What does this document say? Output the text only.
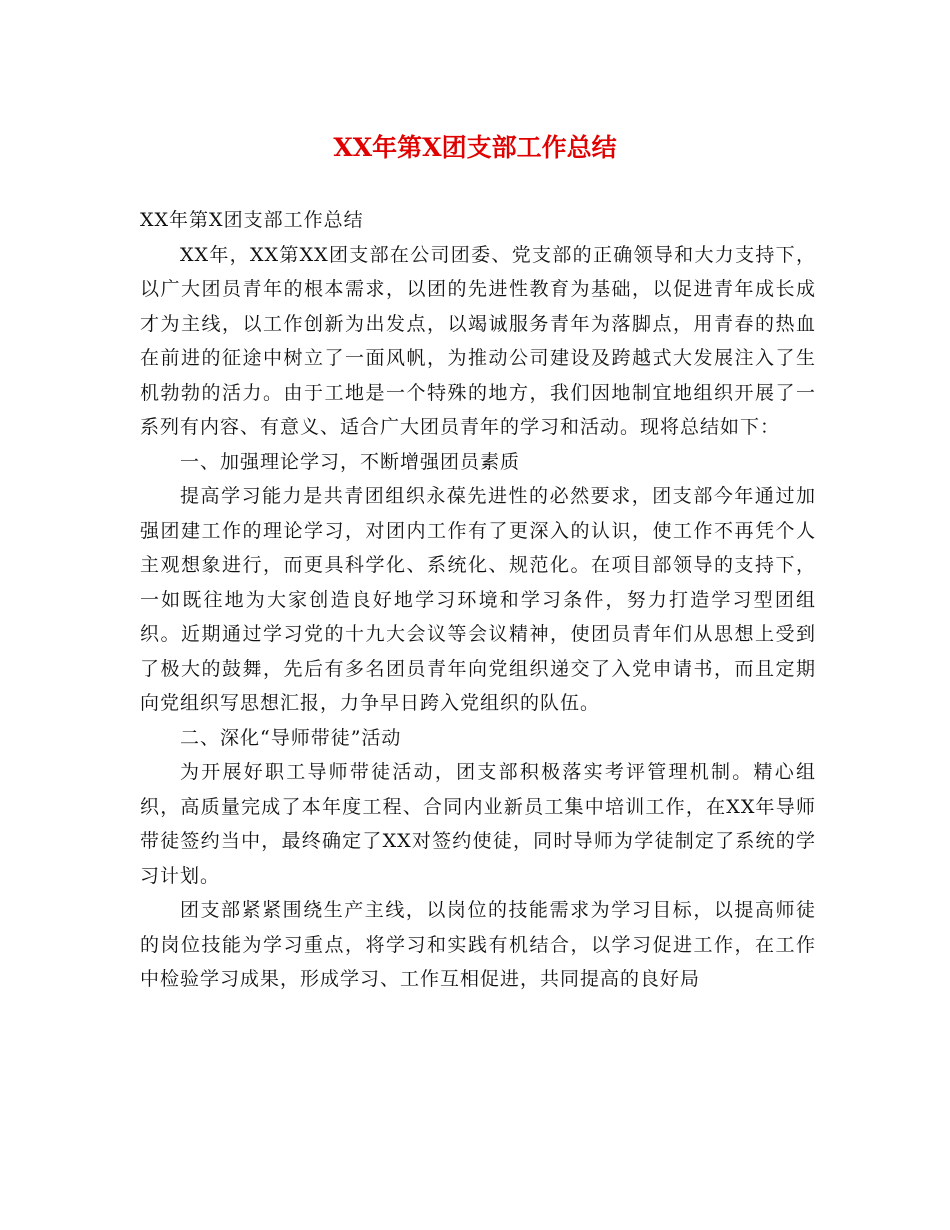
XX年第X团支部工作总结

XX年第X团支部工作总结

XX年，XX第XX团支部在公司团委、党支部的正确领导和大力支持下，以广大团员青年的根本需求，以团的先进性教育为基础，以促进青年成长成才为主线，以工作创新为出发点，以竭诚服务青年为落脚点，用青春的热血在前进的征途中树立了一面风帆，为推动公司建设及跨越式大发展注入了生机勃勃的活力。由于工地是一个特殊的地方，我们因地制宜地组织开展了一系列有内容、有意义、适合广大团员青年的学习和活动。现将总结如下：

一、加强理论学习，不断增强团员素质

提高学习能力是共青团组织永葆先进性的必然要求，团支部今年通过加强团建工作的理论学习，对团内工作有了更深入的认识，使工作不再凭个人主观想象进行，而更具科学化、系统化、规范化。在项目部领导的支持下，一如既往地为大家创造良好地学习环境和学习条件，努力打造学习型团组织。近期通过学习党的十九大会议等会议精神，使团员青年们从思想上受到了极大的鼓舞，先后有多名团员青年向党组织递交了入党申请书，而且定期向党组织写思想汇报，力争早日跨入党组织的队伍。

二、深化“导师带徒”活动

为开展好职工导师带徒活动，团支部积极落实考评管理机制。精心组织，高质量完成了本年度工程、合同内业新员工集中培训工作，在XX年导师带徒签约当中，最终确定了XX对签约使徒，同时导师为学徒制定了系统的学习计划。

团支部紧紧围绕生产主线，以岗位的技能需求为学习目标，以提高师徒的岗位技能为学习重点，将学习和实践有机结合，以学习促进工作，在工作中检验学习成果，形成学习、工作互相促进，共同提高的良好局
